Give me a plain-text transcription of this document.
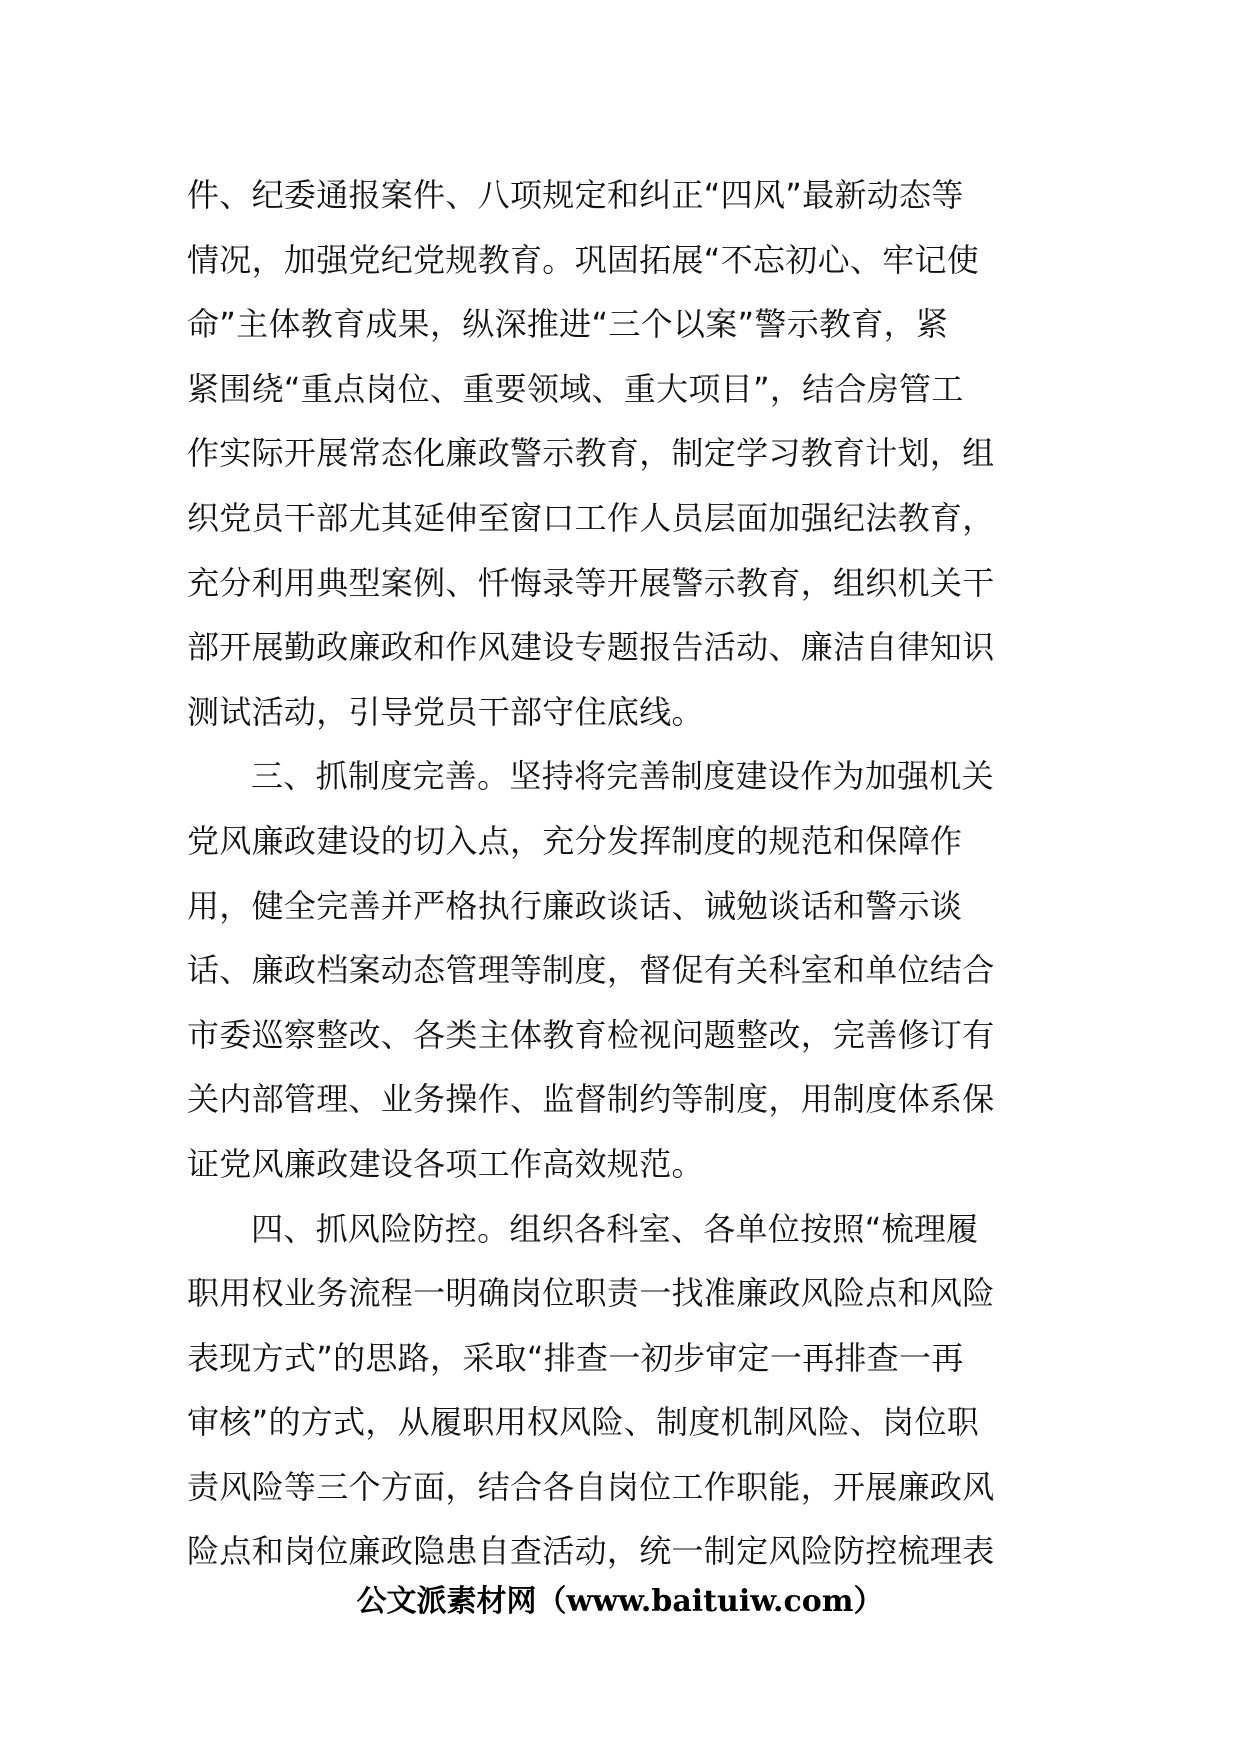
件、纪委通报案件、八项规定和纠正“四风”最新动态等
情况，加强党纪党规教育。巩固拓展“不忘初心、牢记使
命”主体教育成果，纵深推进“三个以案”警示教育，紧
紧围绕“重点岗位、重要领域、重大项目”，结合房管工
作实际开展常态化廉政警示教育，制定学习教育计划，组
织党员干部尤其延伸至窗口工作人员层面加强纪法教育，
充分利用典型案例、忏悔录等开展警示教育，组织机关干
部开展勤政廉政和作风建设专题报告活动、廉洁自律知识
测试活动，引导党员干部守住底线。
三、抓制度完善。坚持将完善制度建设作为加强机关
党风廉政建设的切入点，充分发挥制度的规范和保障作
用，健全完善并严格执行廉政谈话、诫勉谈话和警示谈
话、廉政档案动态管理等制度，督促有关科室和单位结合
市委巡察整改、各类主体教育检视问题整改，完善修订有
关内部管理、业务操作、监督制约等制度，用制度体系保
证党风廉政建设各项工作高效规范。
四、抓风险防控。组织各科室、各单位按照“梳理履
职用权业务流程一明确岗位职责一找准廉政风险点和风险
表现方式”的思路，采取“排查一初步审定一再排查一再
审核”的方式，从履职用权风险、制度机制风险、岗位职
责风险等三个方面，结合各自岗位工作职能，开展廉政风
险点和岗位廉政隐患自查活动，统一制定风险防控梳理表
公文派素材网（www.baituiw.com）
